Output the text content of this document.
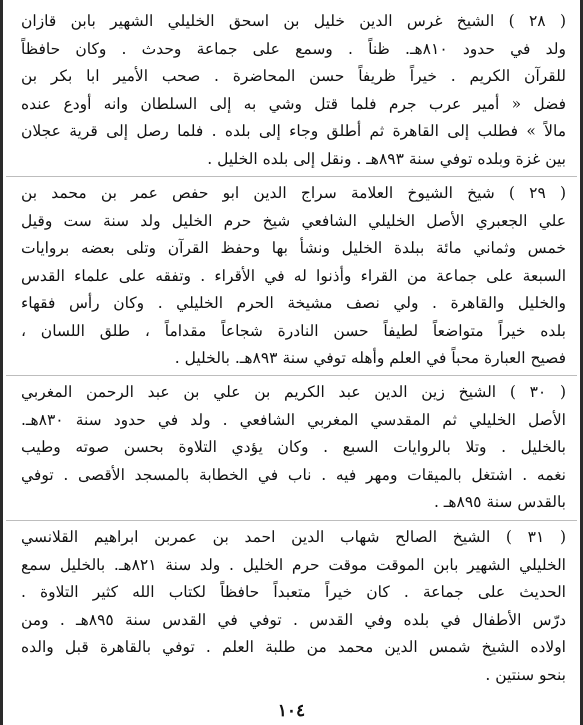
( ٢٨ ) الشيخ غرس الدين خليل بن اسحق الخليلي الشهير بابن قازان
ولد في حدود ٨١٠هـ. ظناً . وسمع على جماعة وحدث . وكان حافظاً
للقرآن الكريم . خيراً ظريفاً حسن المحاضرة . صحب الأمير ابا بكر بن
فضل « أمير عرب جرم فلما قتل وشي به إلى السلطان وانه أودع عنده
مالاً » فطلب إلى القاهرة ثم أطلق وجاء إلى بلده . فلما رصل إلى قرية عجلان
بين غزة وبلده توفي سنة ٨٩٣هـ . ونقل إلى بلده الخليل .
( ٢٩ ) شيخ الشيوخ العلامة سراج الدين ابو حفص عمر بن محمد بن
علي الجعبري الأصل الخليلي الشافعي شيخ حرم الخليل ولد سنة ست وقيل
خمس وثماني مائة ببلدة الخليل ونشأ بها وحفظ القرآن وتلى بعضه بروايات
السبعة على جماعة من القراء وأذنوا له في الأقراء . وتفقه على علماء القدس
والخليل والقاهرة . ولي نصف مشيخة الحرم الخليلي . وكان رأس فقهاء
بلده خيراً متواضعاً لطيفاً حسن النادرة شجاعاً مقداماً ، طلق اللسان ،
فصيح العبارة محباً في العلم وأهله توفي سنة ٨٩٣هـ. بالخليل .
( ٣٠ ) الشيخ زين الدين عبد الكريم بن علي بن عبد الرحمن المغربي
الأصل الخليلي ثم المقدسي المغربي الشافعي . ولد في حدود سنة ٨٣٠هـ.
بالخليل . وتلا بالروايات السبع . وكان يؤدي التلاوة بحسن صوته وطيب
نغمه . اشتغل بالميقات ومهر فيه . ناب في الخطابة بالمسجد الأقصى . توفي
بالقدس سنة ٨٩٥هـ .
( ٣١ ) الشيخ الصالح شهاب الدين احمد بن عمربن ابراهيم القلانسي
الخليلي الشهير بابن الموقت موقت حرم الخليل . ولد سنة ٨٢١هـ. بالخليل سمع
الحديث على جماعة . كان خيراً متعبداً حافظاً لكتاب الله كثير التلاوة .
درّس الأطفال في بلده وفي القدس . توفي في القدس سنة ٨٩٥هـ . ومن
اولاده الشيخ شمس الدين محمد من طلبة العلم . توفي بالقاهرة قبل والده
بنحو سنتين .
١٠٤
